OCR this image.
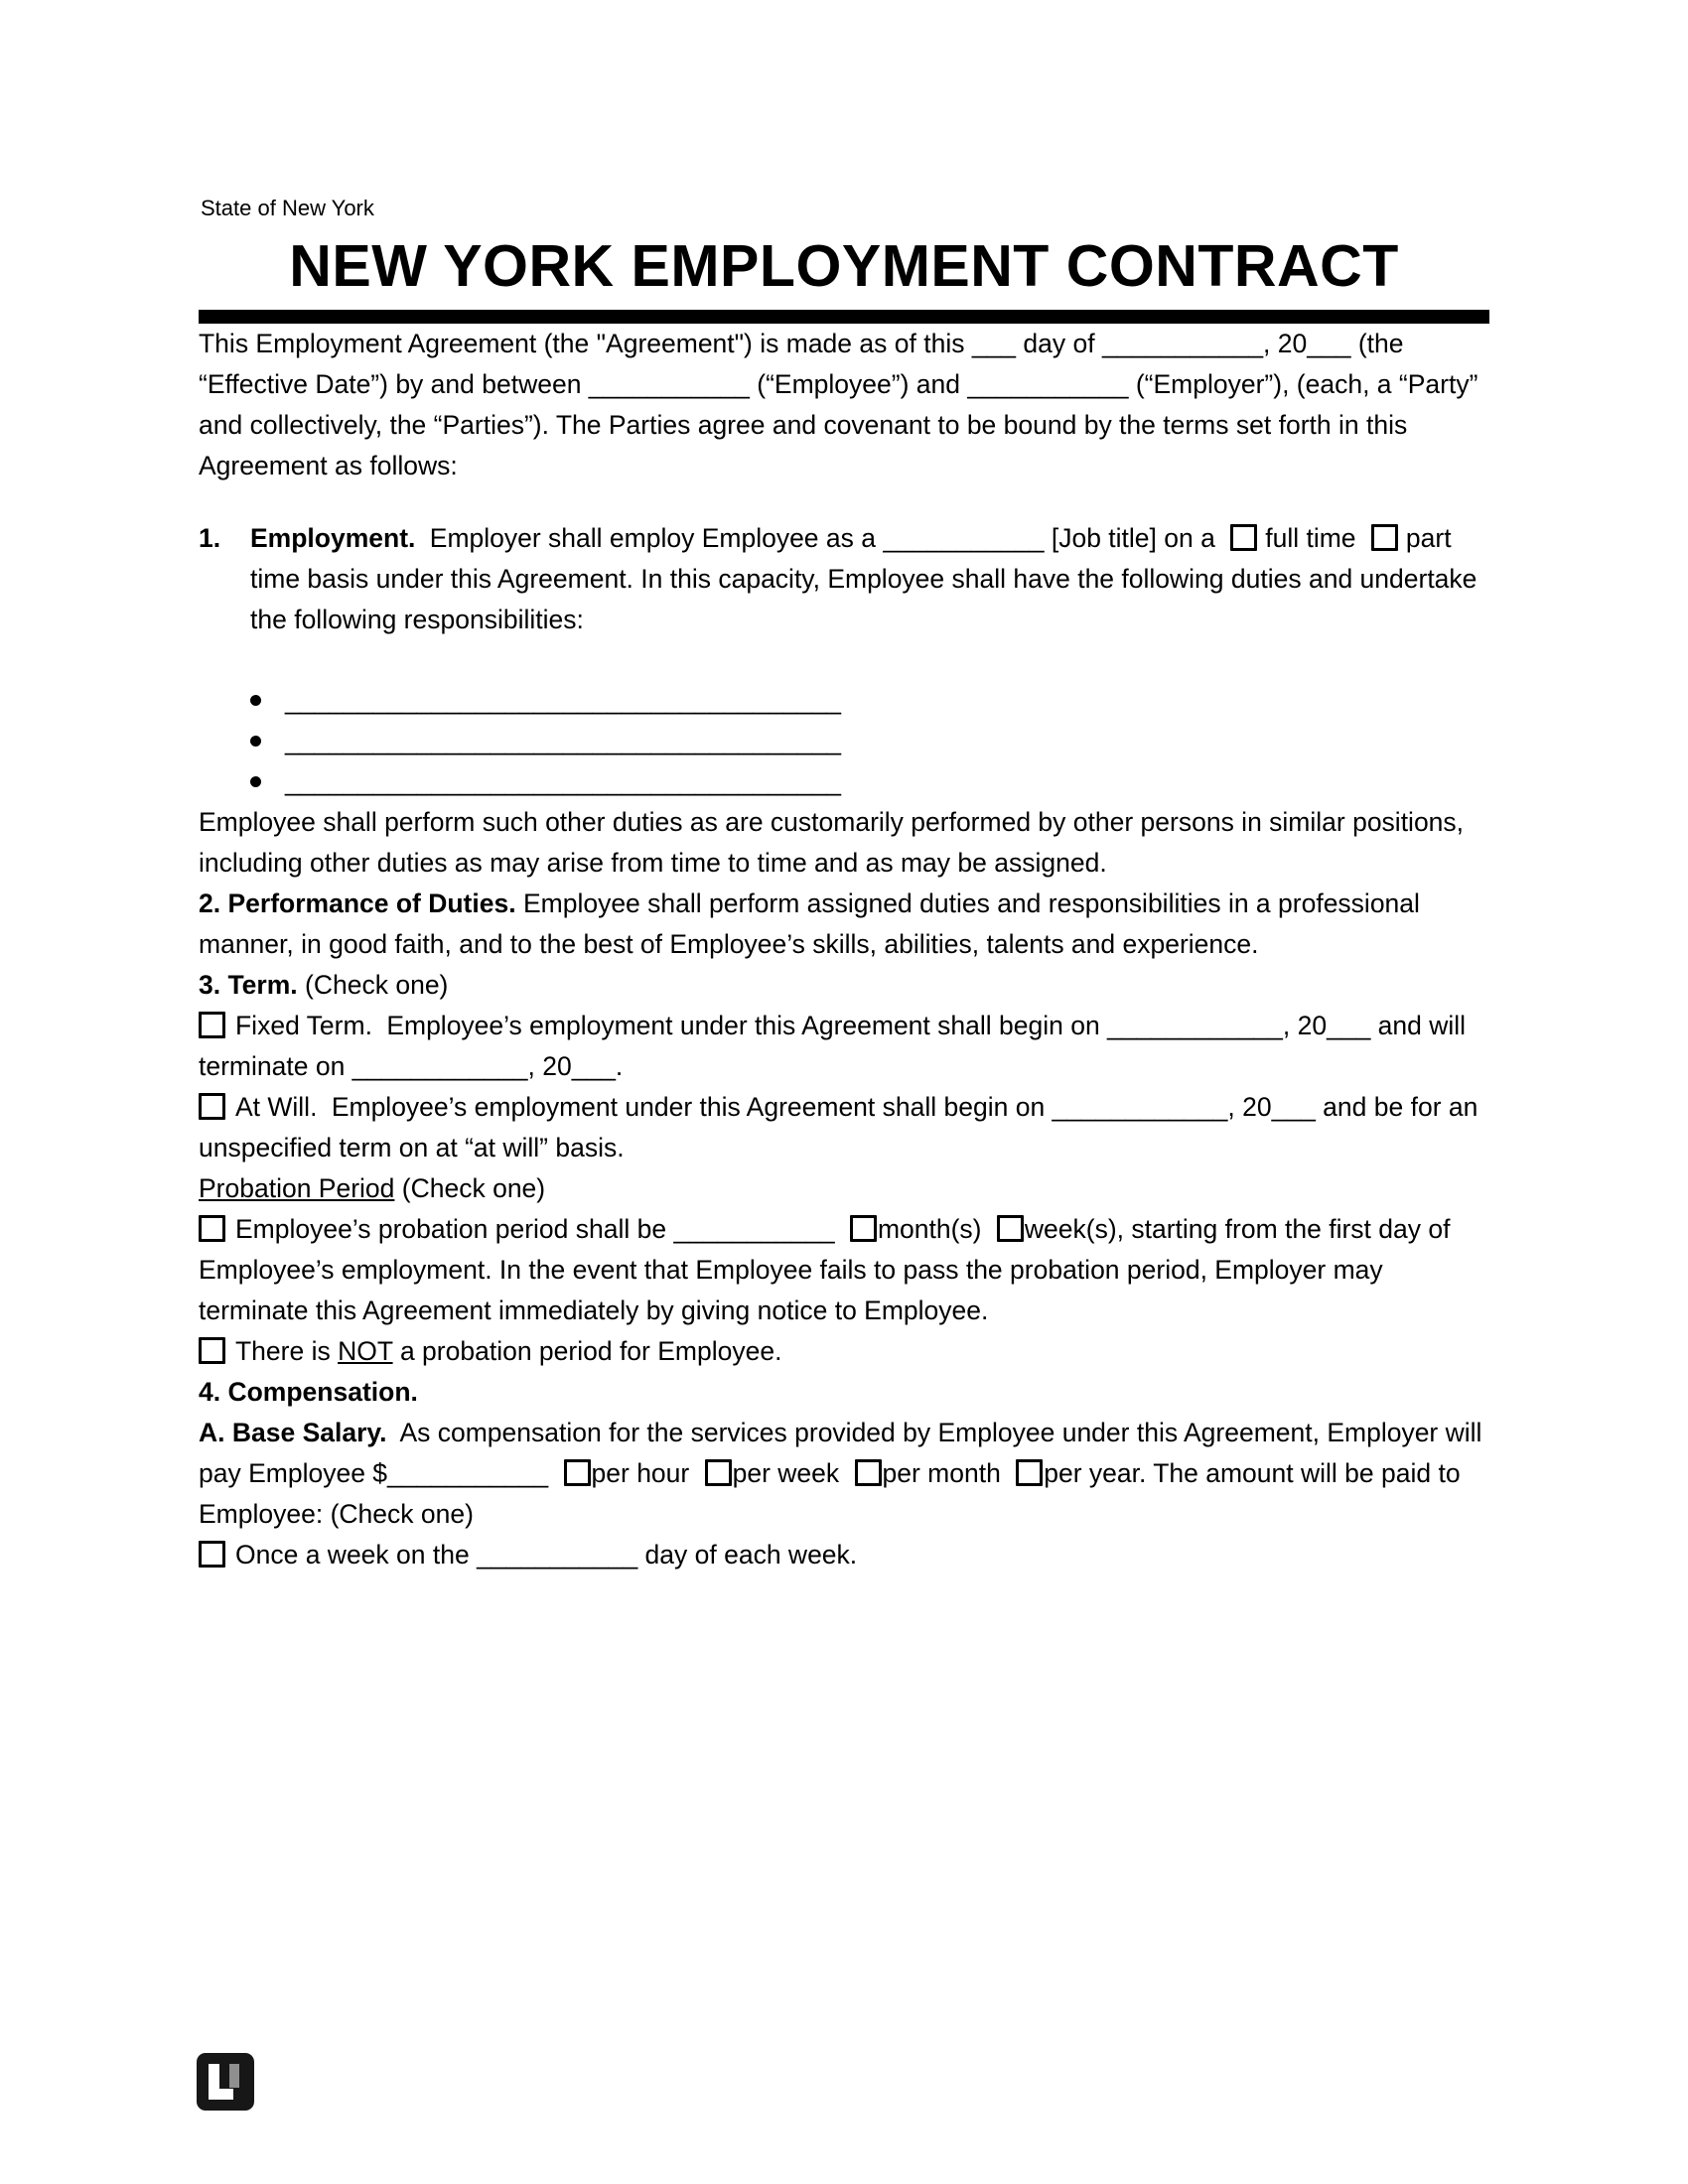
State of New York
NEW YORK EMPLOYMENT CONTRACT

This Employment Agreement (the "Agreement") is made as of this ___ day of ___________, 20___ (the “Effective Date”) by and between ___________ (“Employee”) and ___________ (“Employer”), (each, a “Party” and collectively, the “Parties”). The Parties agree and covenant to be bound by the terms set forth in this Agreement as follows:

1.	Employment. Employer shall employ Employee as a ___________ [Job title] on a full time part time basis under this Agreement. In this capacity, Employee shall have the following duties and undertake the following responsibilities:
______________________________________
______________________________________
______________________________________

Employee shall perform such other duties as are customarily performed by other persons in similar positions, including other duties as may arise from time to time and as may be assigned.

2. Performance of Duties. Employee shall perform assigned duties and responsibilities in a professional manner, in good faith, and to the best of Employee’s skills, abilities, talents and experience.

3. Term. (Check one)

Fixed Term. Employee’s employment under this Agreement shall begin on ____________, 20___ and will terminate on ____________, 20___.

At Will. Employee’s employment under this Agreement shall begin on ____________, 20___ and be for an unspecified term on at “at will” basis.

Probation Period (Check one)

Employee’s probation period shall be ___________ month(s) week(s), starting from the first day of Employee’s employment. In the event that Employee fails to pass the probation period, Employer may terminate this Agreement immediately by giving notice to Employee.

There is NOT a probation period for Employee.

4. Compensation.

A. Base Salary. As compensation for the services provided by Employee under this Agreement, Employer will pay Employee $___________ per hour per week per month per year. The amount will be paid to Employee: (Check one)

Once a week on the ___________ day of each week.
